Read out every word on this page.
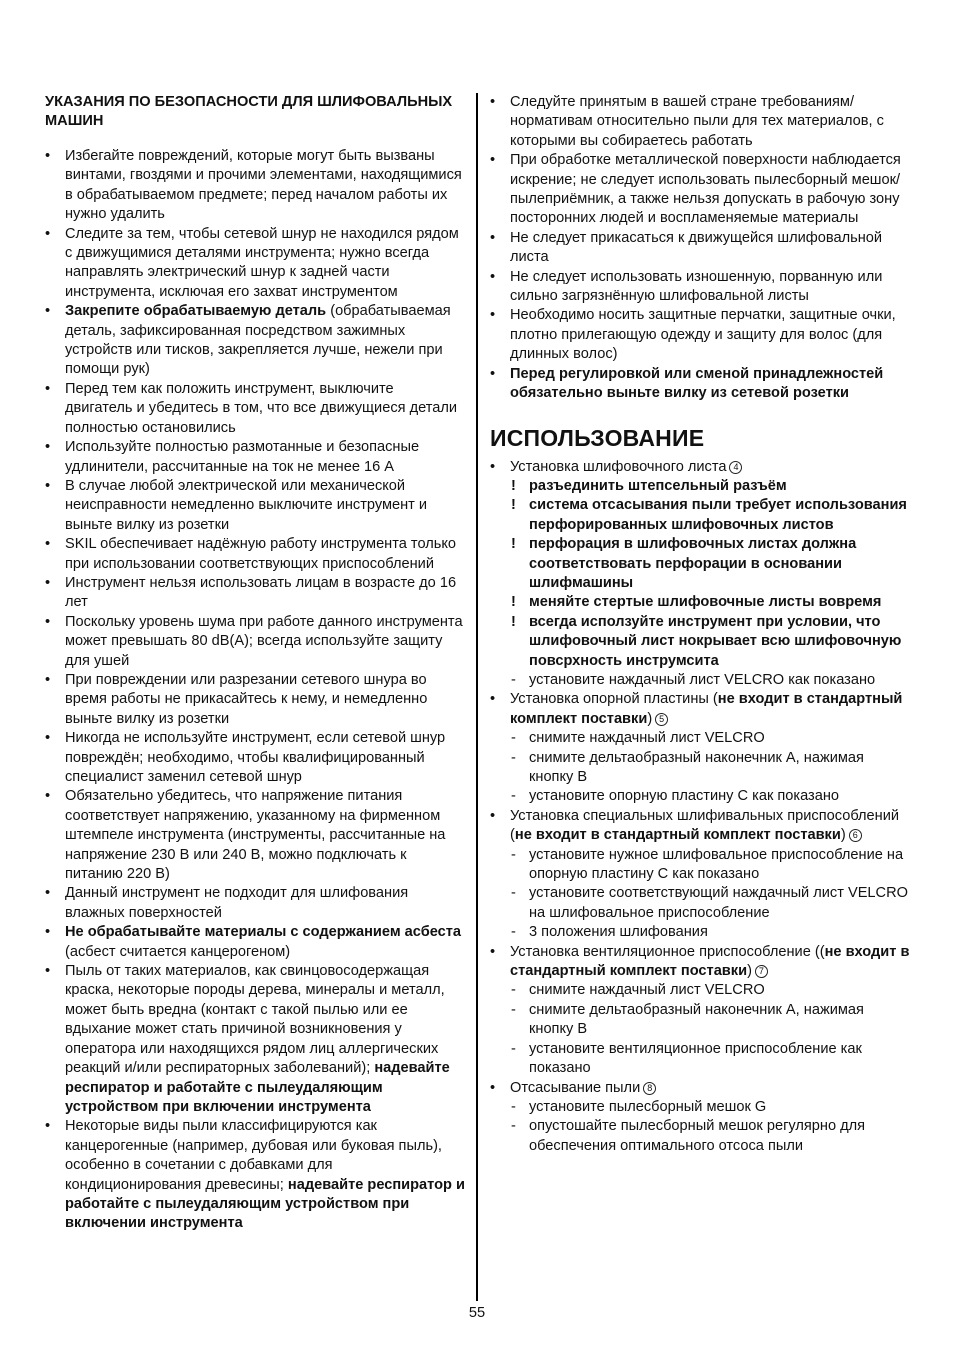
УКАЗАНИЯ ПО БЕЗОПАСНОСТИ ДЛЯ ШЛИФОВАЛЬНЫХ МАШИН
• Избегайте повреждений, которые могут быть вызваны винтами, гвоздями и прочими элементами, находящимися в обрабатываемом предмете; перед началом работы их нужно удалить
• Следите за тем, чтобы сетевой шнур не находился рядом с движущимися деталями инструмента; нужно всегда направлять электрический шнур к задней части инструмента, исключая его захват инструментом
• Закрепите обрабатываемую деталь (обрабатываемая деталь, зафиксированная посредством зажимных устройств или тисков, закрепляется лучше, нежели при помощи рук)
• Перед тем как положить инструмент, выключите двигатель и убедитесь в том, что все движущиеся детали полностью остановились
• Используйте полностью размотанные и безопасные удлинители, рассчитанные на ток не менее 16 А
• В случае любой электрической или механической неисправности немедленно выключите инструмент и выньте вилку из розетки
• SKIL обеспечивает надёжную работу инструмента только при использовании соответствующих приспособлений
• Инструмент нельзя использовать лицам в возрасте до 16 лет
• Поскольку уровень шума при работе данного инструмента может превышать 80 dB(A); всегда используйте защиту для ушей
• При повреждении или разрезании сетевого шнура во время работы не прикасайтесь к нему, и немедленно выньте вилку из розетки
• Никогда не используйте инструмент, если сетевой шнур повреждён; необходимо, чтобы квалифицированный специалист заменил сетевой шнур
• Обязательно убедитесь, что напряжение питания соответствует напряжению, указанному на фирменном штемпеле инструмента (инструменты, рассчитанные на напряжение 230 В или 240 В, можно подключать к питанию 220 В)
• Данный инструмент не подходит для шлифования влажных поверхностей
• Не обрабатывайте материалы с содержанием асбеста (асбест считается канцерогеном)
• Пыль от таких материалов, как свинцовосодержащая краска, некоторые породы дерева, минералы и металл, может быть вредна (контакт с такой пылью или ее вдыхание может стать причиной возникновения у оператора или находящихся рядом лиц аллергических реакций и/или респираторных заболеваний); надевайте респиратор и работайте с пылеудаляющим устройством при включении инструмента
• Некоторые виды пыли классифицируются как канцерогенные (например, дубовая или буковая пыль), особенно в сочетании с добавками для кондиционирования древесины; надевайте респиратор и работайте с пылеудаляющим устройством при включении инструмента
• Следуйте принятым в вашей стране требованиям/ нормативам относительно пыли для тех материалов, с которыми вы собираетесь работать
• При обработке металлической поверхности наблюдается искрение; не следует использовать пылесборный мешок/пылеприёмник, а также нельзя допускать в рабочую зону посторонних людей и воспламеняемые материалы
• Не следует прикасаться к движущейся шлифовальной листа
• Не следует использовать изношенную, порванную или сильно загрязнённую шлифовальной листы
• Необходимо носить защитные перчатки, защитные очки, плотно прилегающую одежду и защиту для волос (для длинных волос)
• Перед регулировкой или сменой принадлежностей обязательно выньте вилку из сетевой розетки
ИСПОЛЬЗОВАНИЕ
• Установка шлифовочного листа 4
! разъединить штепсельный разъём
! система отсасывания пыли требует использования перфорированных шлифовочных листов
! перфорация в шлифовочных листах должна соответствовать перфорации в основании шлифмашины
! меняйте стертые шлифовочные листы вовремя
! всегда исползуйте инструмент при условии, что шлифовочный лист нокрывает всю шлифовочную повсрхность инструмсита
- установите наждачный лист VELCRO как показано
• Установка опорной пластины (не входит в стандартный комплект поставки) 5
- снимите наждачный лист VELCRO
- снимите дельтаобразный наконечник A, нажимая кнопку B
- установите опорную пластину C как показано
• Установка специальных шлифивальных приспособлений (не входит в стандартный комплект поставки) 6
- установите нужное шлифовальное приспособление на опорную пластину C как показано
- установите соответствующий наждачный лист VELCRO на шлифовальное приспособление
- 3 положения шлифования
• Установка вентиляционное приспособление ((не входит в стандартный комплект поставки) 7
- снимите наждачный лист VELCRO
- снимите дельтаобразный наконечник A, нажимая кнопку B
- установите вентиляционное приспособление как показано
• Отсасывание пыли 8
- установите пылесборный мешок G
- опустошайте пылесборный мешок регулярно для обеспечения оптимального отсоса пыли
55
